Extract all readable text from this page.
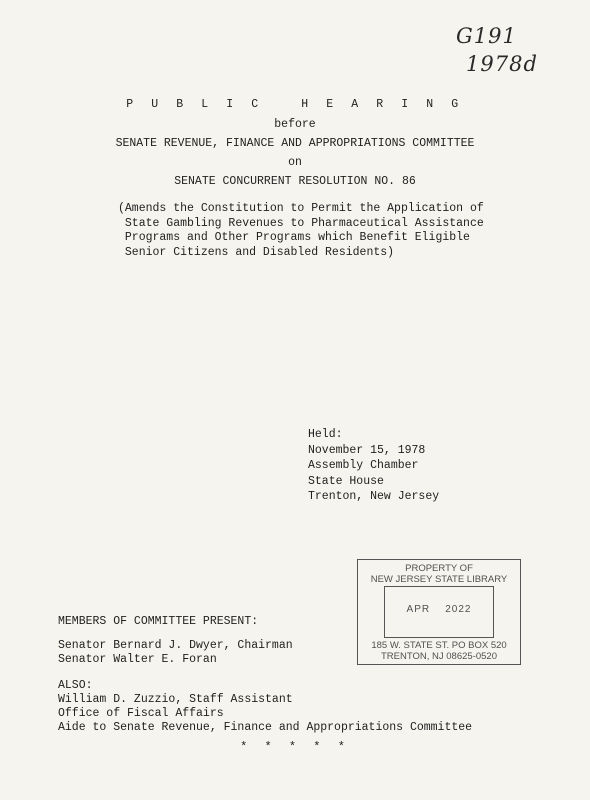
G191
1978d
P U B L I C   H E A R I N G
before
SENATE REVENUE, FINANCE AND APPROPRIATIONS COMMITTEE
on
SENATE CONCURRENT RESOLUTION NO. 86
(Amends the Constitution to Permit the Application of
State Gambling Revenues to Pharmaceutical Assistance
Programs and Other Programs which Benefit Eligible
Senior Citizens and Disabled Residents)
Held:
November 15, 1978
Assembly Chamber
State House
Trenton, New Jersey
PROPERTY OF
NEW JERSEY STATE LIBRARY
APR    2022
185 W. STATE ST. PO BOX 520
TRENTON, NJ 08625-0520
MEMBERS OF COMMITTEE PRESENT:
Senator Bernard J. Dwyer, Chairman
Senator Walter E. Foran
ALSO:
William D. Zuzzio, Staff Assistant
Office of Fiscal Affairs
Aide to Senate Revenue, Finance and Appropriations Committee
* * * * *
